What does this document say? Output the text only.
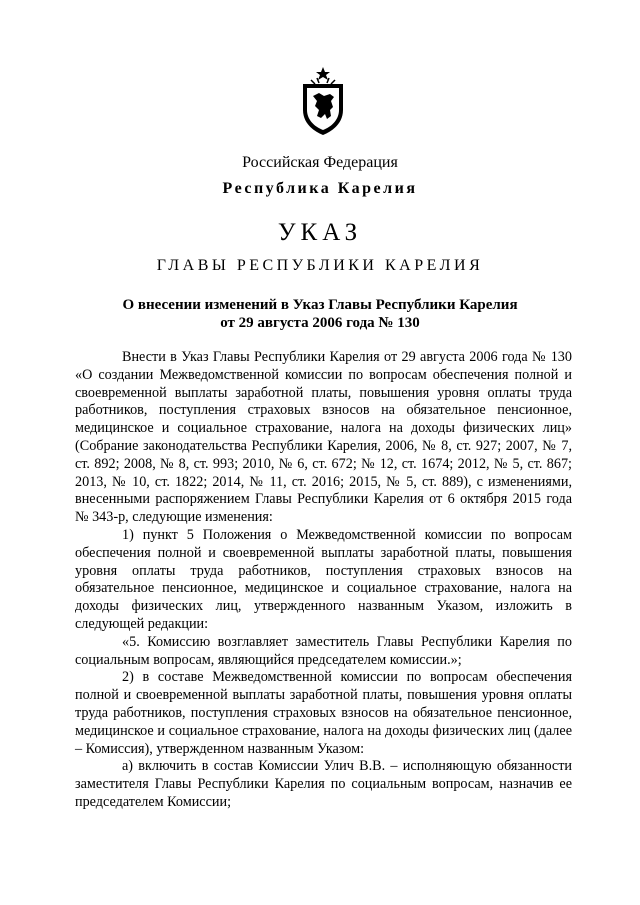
Российская Федерация
Республика Карелия
УКАЗ
ГЛАВЫ РЕСПУБЛИКИ КАРЕЛИЯ
О внесении изменений в Указ Главы Республики Карелия
от 29 августа 2006 года № 130

Внести в Указ Главы Республики Карелия от 29 августа 2006 года № 130 «О создании Межведомственной комиссии по вопросам обеспечения полной и своевременной выплаты заработной платы, повышения уровня оплаты труда работников, поступления страховых взносов на обязательное пенсионное, медицинское и социальное страхование, налога на доходы физических лиц» (Собрание законодательства Республики Карелия, 2006, № 8, ст. 927; 2007, № 7, ст. 892; 2008, № 8, ст. 993; 2010, № 6, ст. 672; № 12, ст. 1674; 2012, № 5, ст. 867; 2013, № 10, ст. 1822; 2014, № 11, ст. 2016; 2015, № 5, ст. 889), с изменениями, внесенными распоряжением Главы Республики Карелия от 6 октября 2015 года № 343-р, следующие изменения:

1) пункт 5 Положения о Межведомственной комиссии по вопросам обеспечения полной и своевременной выплаты заработной платы, повышения уровня оплаты труда работников, поступления страховых взносов на обязательное пенсионное, медицинское и социальное страхование, налога на доходы физических лиц, утвержденного названным Указом, изложить в следующей редакции:

«5. Комиссию возглавляет заместитель Главы Республики Карелия по социальным вопросам, являющийся председателем комиссии.»;

2) в составе Межведомственной комиссии по вопросам обеспечения полной и своевременной выплаты заработной платы, повышения уровня оплаты труда работников, поступления страховых взносов на обязательное пенсионное, медицинское и социальное страхование, налога на доходы физических лиц (далее – Комиссия), утвержденном названным Указом:

а) включить в состав Комиссии Улич В.В. – исполняющую обязанности заместителя Главы Республики Карелия по социальным вопросам, назначив ее председателем Комиссии;
